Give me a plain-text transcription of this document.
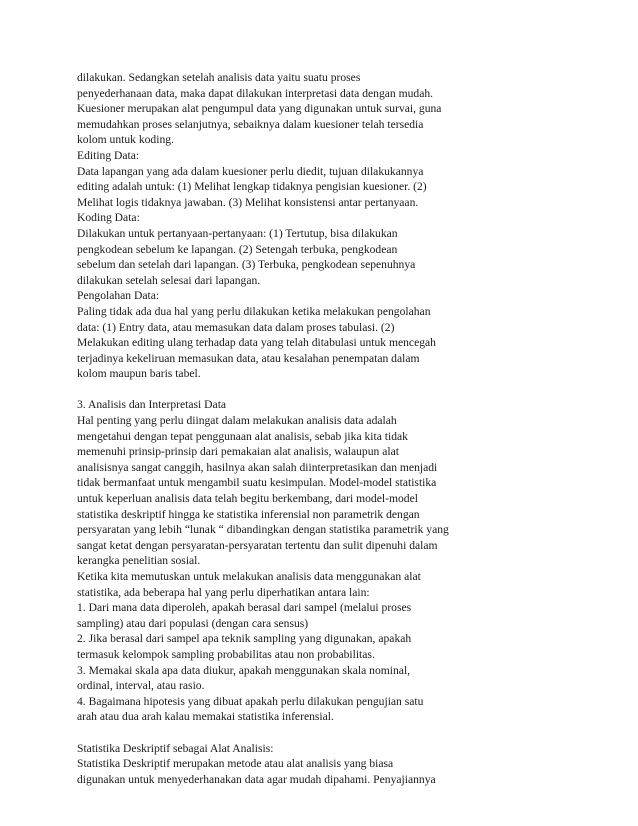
dilakukan. Sedangkan setelah analisis data yaitu suatu proses
penyederhanaan data, maka dapat dilakukan interpretasi data dengan mudah.
Kuesioner merupakan alat pengumpul data yang digunakan untuk survai, guna
memudahkan proses selanjutnya, sebaiknya dalam kuesioner telah tersedia
kolom untuk koding.
Editing Data:
Data lapangan yang ada dalam kuesioner perlu diedit, tujuan dilakukannya
editing adalah untuk: (1) Melihat lengkap tidaknya pengisian kuesioner. (2)
Melihat logis tidaknya jawaban. (3) Melihat konsistensi antar pertanyaan.
Koding Data:
Dilakukan untuk pertanyaan-pertanyaan: (1) Tertutup, bisa dilakukan
pengkodean sebelum ke lapangan. (2) Setengah terbuka, pengkodean
sebelum dan setelah dari lapangan. (3) Terbuka, pengkodean sepenuhnya
dilakukan setelah selesai dari lapangan.
Pengolahan Data:
Paling tidak ada dua hal yang perlu dilakukan ketika melakukan pengolahan
data: (1) Entry data, atau memasukan data dalam proses tabulasi. (2)
Melakukan editing ulang terhadap data yang telah ditabulasi untuk mencegah
terjadinya kekeliruan memasukan data, atau kesalahan penempatan dalam
kolom maupun baris tabel.
3. Analisis dan Interpretasi Data
Hal penting yang perlu diingat dalam melakukan analisis data adalah
mengetahui dengan tepat penggunaan alat analisis, sebab jika kita tidak
memenuhi prinsip-prinsip dari pemakaian alat analisis, walaupun alat
analisisnya sangat canggih, hasilnya akan salah diinterpretasikan dan menjadi
tidak bermanfaat untuk mengambil suatu kesimpulan. Model-model statistika
untuk keperluan analisis data telah begitu berkembang, dari model-model
statistika deskriptif hingga ke statistika inferensial non parametrik dengan
persyaratan yang lebih “lunak “ dibandingkan dengan statistika parametrik yang
sangat ketat dengan persyaratan-persyaratan tertentu dan sulit dipenuhi dalam
kerangka penelitian sosial.
Ketika kita memutuskan untuk melakukan analisis data menggunakan alat
statistika, ada beberapa hal yang perlu diperhatikan antara lain:
1. Dari mana data diperoleh, apakah berasal dari sampel (melalui proses
sampling) atau dari populasi (dengan cara sensus)
2. Jika berasal dari sampel apa teknik sampling yang digunakan, apakah
termasuk kelompok sampling probabilitas atau non probabilitas.
3. Memakai skala apa data diukur, apakah menggunakan skala nominal,
ordinal, interval, atau rasio.
4. Bagaimana hipotesis yang dibuat apakah perlu dilakukan pengujian satu
arah atau dua arah kalau memakai statistika inferensial.
Statistika Deskriptif sebagai Alat Analisis:
Statistika Deskriptif merupakan metode atau alat analisis yang biasa
digunakan untuk menyederhanakan data agar mudah dipahami. Penyajiannya
